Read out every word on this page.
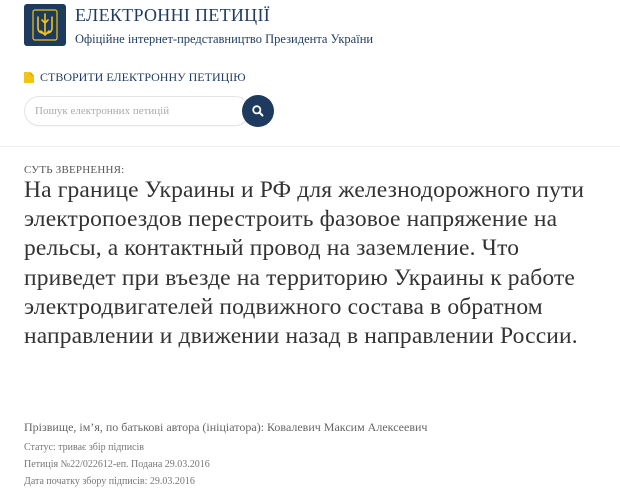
ЕЛЕКТРОННІ ПЕТИЦІЇ
Офіційне інтернет-представництво Президента України
СТВОРИТИ ЕЛЕКТРОННУ ПЕТИЦІЮ
Пошук електронних петицій
СУТЬ ЗВЕРНЕННЯ:
На границе Украины и РФ для железнодорожного пути электропоездов перестроить фазовое напряжение на рельсы, а контактный провод на заземление. Что приведет при въезде на территорию Украины к работе электродвигателей подвижного состава в обратном направлении и движении назад в направлении России.
Прізвище, ім’я, по батькові автора (ініціатора): Ковалевич Максим Алексеевич
Статус: триває збір підписів
Петиція №22/022612-еп. Подана 29.03.2016
Дата початку збору підписів: 29.03.2016
